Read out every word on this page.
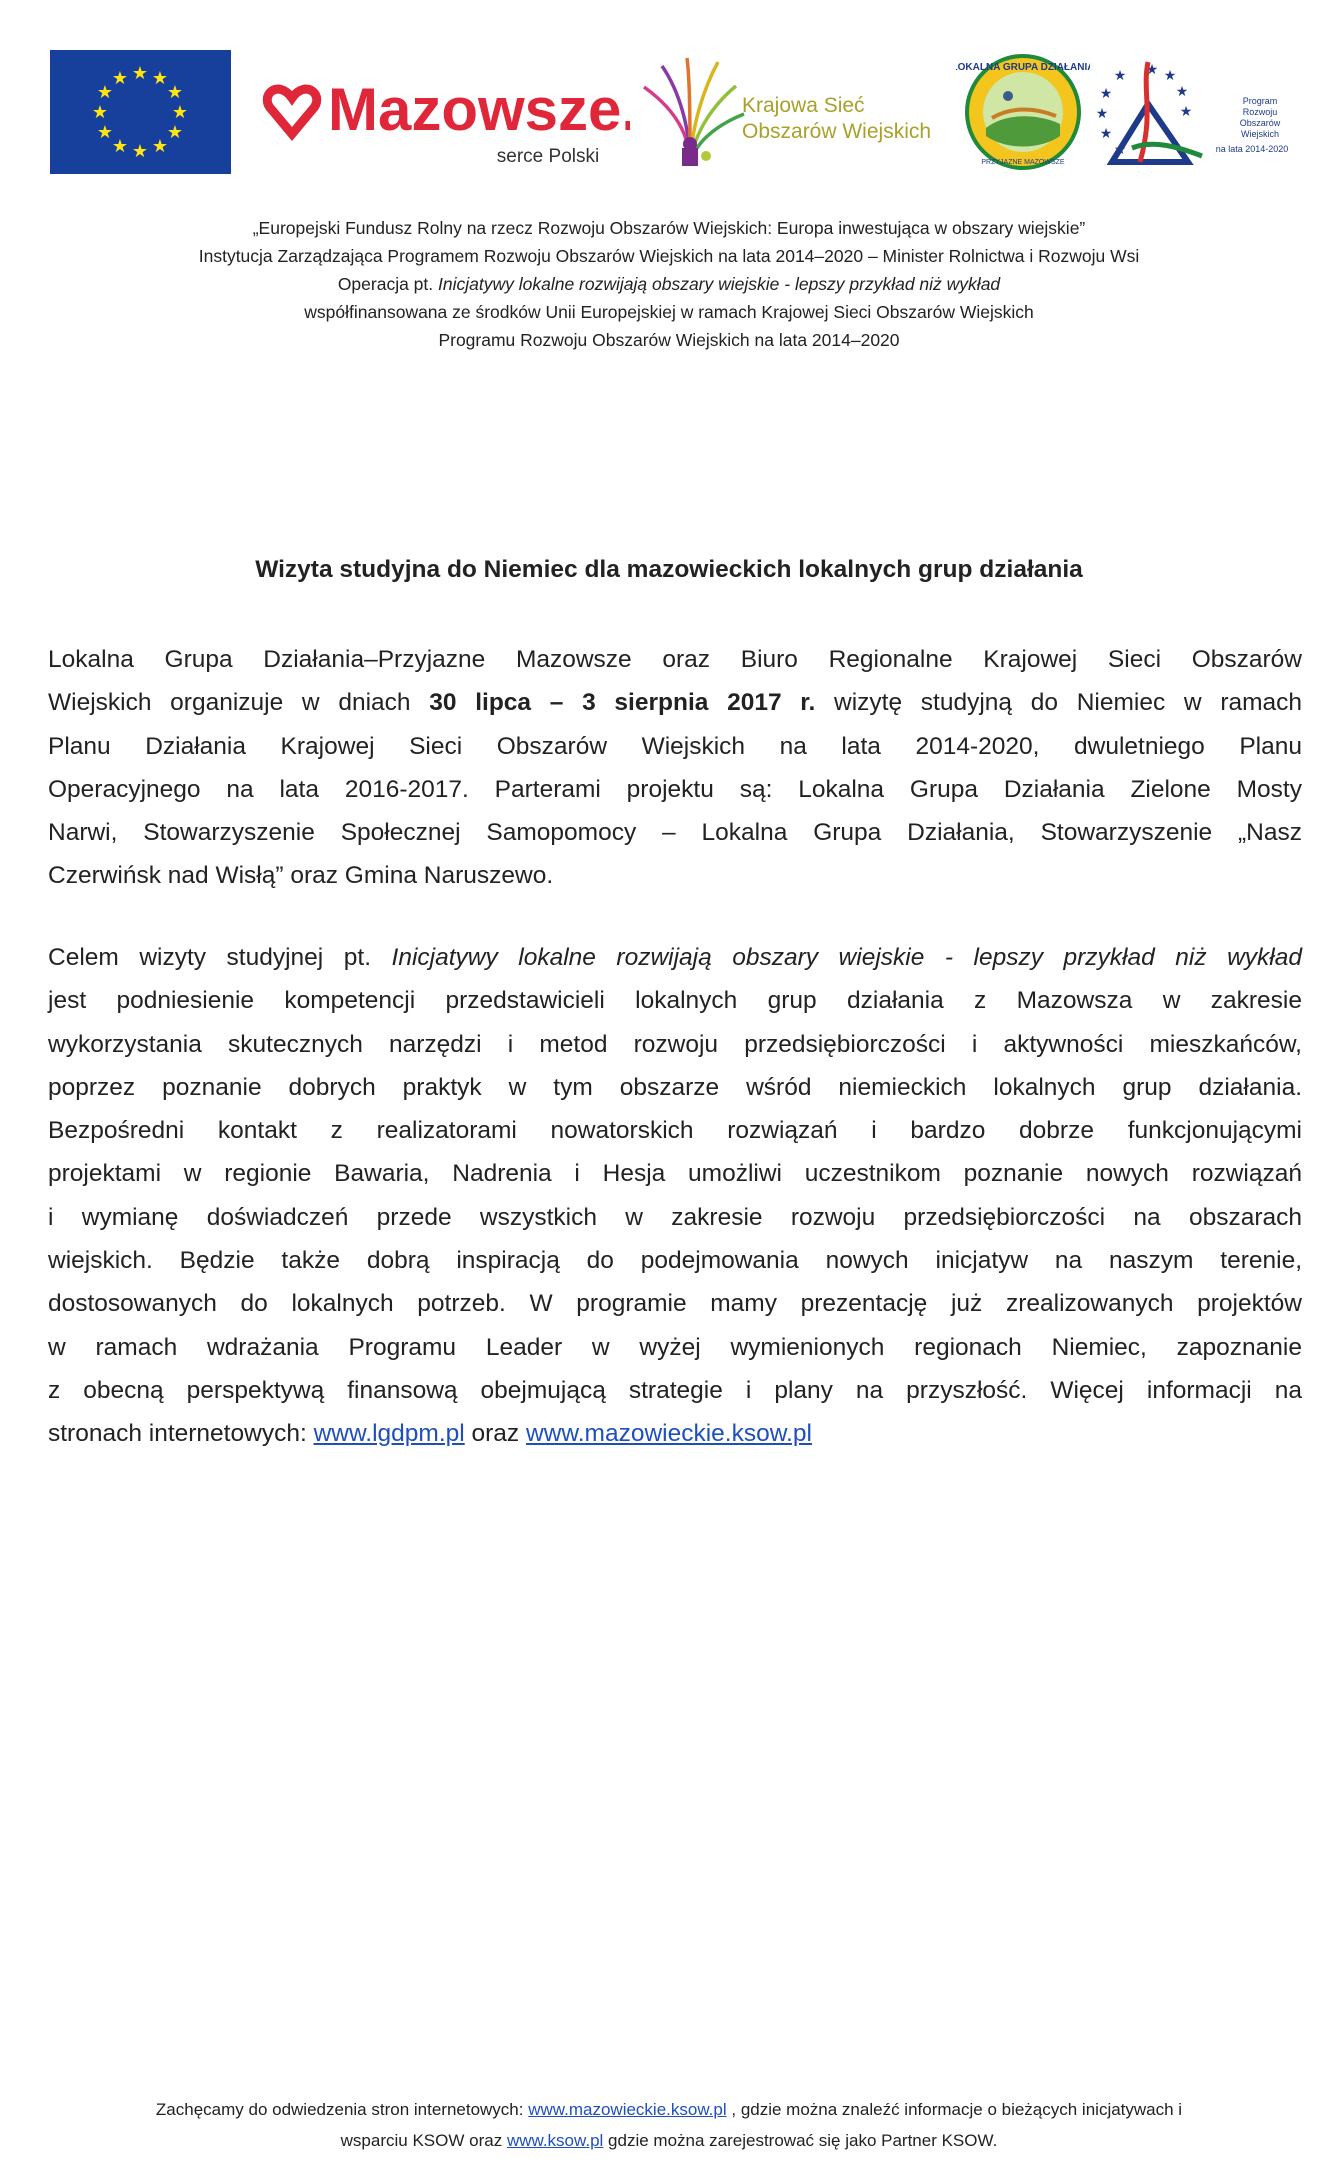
★ ★
★
★
★
★
★
★
★
★
★
★	Mazowsze.
serce Polski
Krajowa Sieć
Obszarów Wiejskich
LOKALNA GRUPA DZIAŁANIA
PRZYJAZNE MAZOWSZE
★ ★
★
★
★
★
★
★
★
Program
Rozwoju
Obszarów
Wiejskich
na lata 2014-2020
„Europejski Fundusz Rolny na rzecz Rozwoju Obszarów Wiejskich: Europa inwestująca w obszary wiejskie”
Instytucja Zarządzająca Programem Rozwoju Obszarów Wiejskich na lata 2014–2020 – Minister Rolnictwa i Rozwoju Wsi
Operacja pt. Inicjatywy lokalne rozwijają obszary wiejskie - lepszy przykład niż wykład
współfinansowana ze środków Unii Europejskiej w ramach Krajowej Sieci Obszarów Wiejskich
Programu Rozwoju Obszarów Wiejskich na lata 2014–2020
Wizyta studyjna do Niemiec dla mazowieckich lokalnych grup działania
Lokalna Grupa Działania–Przyjazne Mazowsze oraz Biuro Regionalne Krajowej Sieci Obszarów
Wiejskich organizuje w dniach 30 lipca – 3 sierpnia 2017 r. wizytę studyjną do Niemiec w ramach
Planu Działania Krajowej Sieci Obszarów Wiejskich na lata 2014-2020, dwuletniego Planu
Operacyjnego na lata 2016-2017. Parterami projektu są: Lokalna Grupa Działania Zielone Mosty
Narwi, Stowarzyszenie Społecznej Samopomocy – Lokalna Grupa Działania, Stowarzyszenie „Nasz
Czerwińsk nad Wisłą” oraz Gmina Naruszewo.
Celem wizyty studyjnej pt. Inicjatywy lokalne rozwijają obszary wiejskie - lepszy przykład niż wykład
jest podniesienie kompetencji przedstawicieli lokalnych grup działania z Mazowsza w zakresie
wykorzystania skutecznych narzędzi i metod rozwoju przedsiębiorczości i aktywności mieszkańców,
poprzez poznanie dobrych praktyk w tym obszarze wśród niemieckich lokalnych grup działania.
Bezpośredni kontakt z realizatorami nowatorskich rozwiązań i bardzo dobrze funkcjonującymi
projektami w regionie Bawaria, Nadrenia i Hesja umożliwi uczestnikom poznanie nowych rozwiązań
i wymianę doświadczeń przede wszystkich w zakresie rozwoju przedsiębiorczości na obszarach
wiejskich. Będzie także dobrą inspiracją do podejmowania nowych inicjatyw na naszym terenie,
dostosowanych do lokalnych potrzeb. W programie mamy prezentację już zrealizowanych projektów
w ramach wdrażania Programu Leader w wyżej wymienionych regionach Niemiec, zapoznanie
z obecną perspektywą finansową obejmującą strategie i plany na przyszłość. Więcej informacji na
stronach internetowych: www.lgdpm.pl oraz www.mazowieckie.ksow.pl
Zachęcamy do odwiedzenia stron internetowych: www.mazowieckie.ksow.pl , gdzie można znaleźć informacje o bieżących inicjatywach i
wsparciu KSOW oraz www.ksow.pl gdzie można zarejestrować się jako Partner KSOW.
